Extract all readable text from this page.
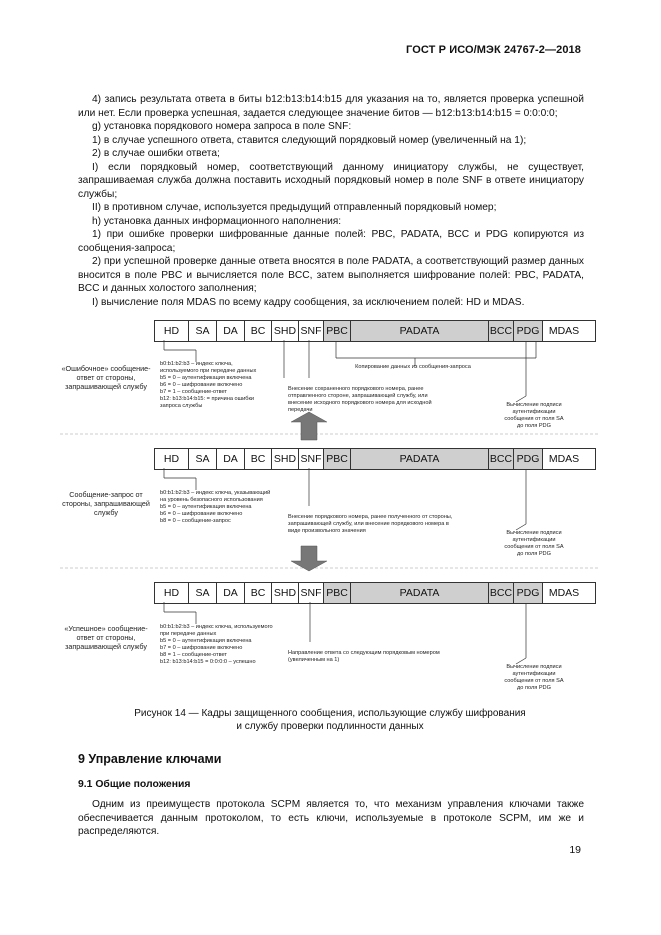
ГОСТ Р ИСО/МЭК 24767-2—2018

4) запись результата ответа в биты b12:b13:b14:b15 для указания на то, является проверка успешной или нет. Если проверка успешная, задается следующее значение битов — b12:b13:b14:b15 = 0:0:0:0;

g) установка порядкового номера запроса в поле SNF:

1) в случае успешного ответа, ставится следующий порядковый номер (увеличенный на 1);

2) в случае ошибки ответа;

I) если порядковый номер, соответствующий данному инициатору службы, не существует, запрашиваемая служба должна поставить исходный порядковый номер в поле SNF в ответе инициатору службы;

II) в противном случае, используется предыдущий отправленный порядковый номер;

h) установка данных информационного наполнения:

1) при ошибке проверки шифрованные данные полей: PBC, PADATA, BCC и PDG копируются из сообщения-запроса;

2) при успешной проверке данные ответа вносятся в поле PADATA, а соответствующий размер данных вносится в поле PBC и вычисляется поле BCC, затем выполняется шифрование полей: PBC, PADATA, BCC и данных холостого заполнения;

I) вычисление поля MDAS по всему кадру сообщения, за исключением полей: HD и MDAS.

HD	SA	DA	BC SHD SNF PBC	PADATA	BCC PDG MDAS
«Ошибочное» сообщение-ответ от стороны, запрашивающей службу
b0:b1:b2:b3 – индекс ключа, используемого при передаче данных
b5 = 0 – аутентификация включена
b6 = 0 – шифрование включено
b7 = 1 – сообщение-ответ
b12: b13:b14:b15: = причина ошибки запроса службы
Копирование данных из сообщения-запроса
Внесение сохраненного порядкового номера, ранее отправленного стороне, запрашивающей службу, или внесение исходного порядкового номера для исходной передачи
Вычисление подписи аутентификации сообщения от поля SA до поля PDG
HD	SA	DA	BC SHD SNF PBC	PADATA	BCC PDG MDAS
Сообщение-запрос от стороны, запрашивающей службу
b0:b1:b2:b3 – индекс ключа, указывающий на уровень безопасного использования
b5 = 0 – аутентификация включена
b6 = 0 – шифрование включено
b8 = 0 – сообщение-запрос
Внесение порядкового номера, ранее полученного от стороны, запрашивающей службу, или внесение порядкового номера в виде произвольного значения	Вычисление подписи аутентификации сообщения от поля SA до поля PDG
HD	SA	DA	BC SHD SNF PBC	PADATA	BCC PDG MDAS
«Успешное» сообщение-ответ от стороны, запрашивающей службу
b0:b1:b2:b3 – индекс ключа, используемого при передаче данных
b5 = 0 – аутентификация включена
b7 = 0 – шифрование включено
b8 = 1 – сообщение-ответ
b12: b13:b14:b15 = 0:0:0:0 – успешно
Направление ответа со следующим порядковым номером (увеличенным на 1)
Вычисление подписи аутентификации сообщения от поля SA до поля PDG
Рисунок 14 — Кадры защищенного сообщения, использующие службу шифрования
и службу проверки подлинности данных
9 Управление ключами
9.1 Общие положения

Одним из преимуществ протокола SCPM является то, что механизм управления ключами также обеспечивается данным протоколом, то есть ключи, используемые в протоколе SCPM, им же и распределяются.

19
